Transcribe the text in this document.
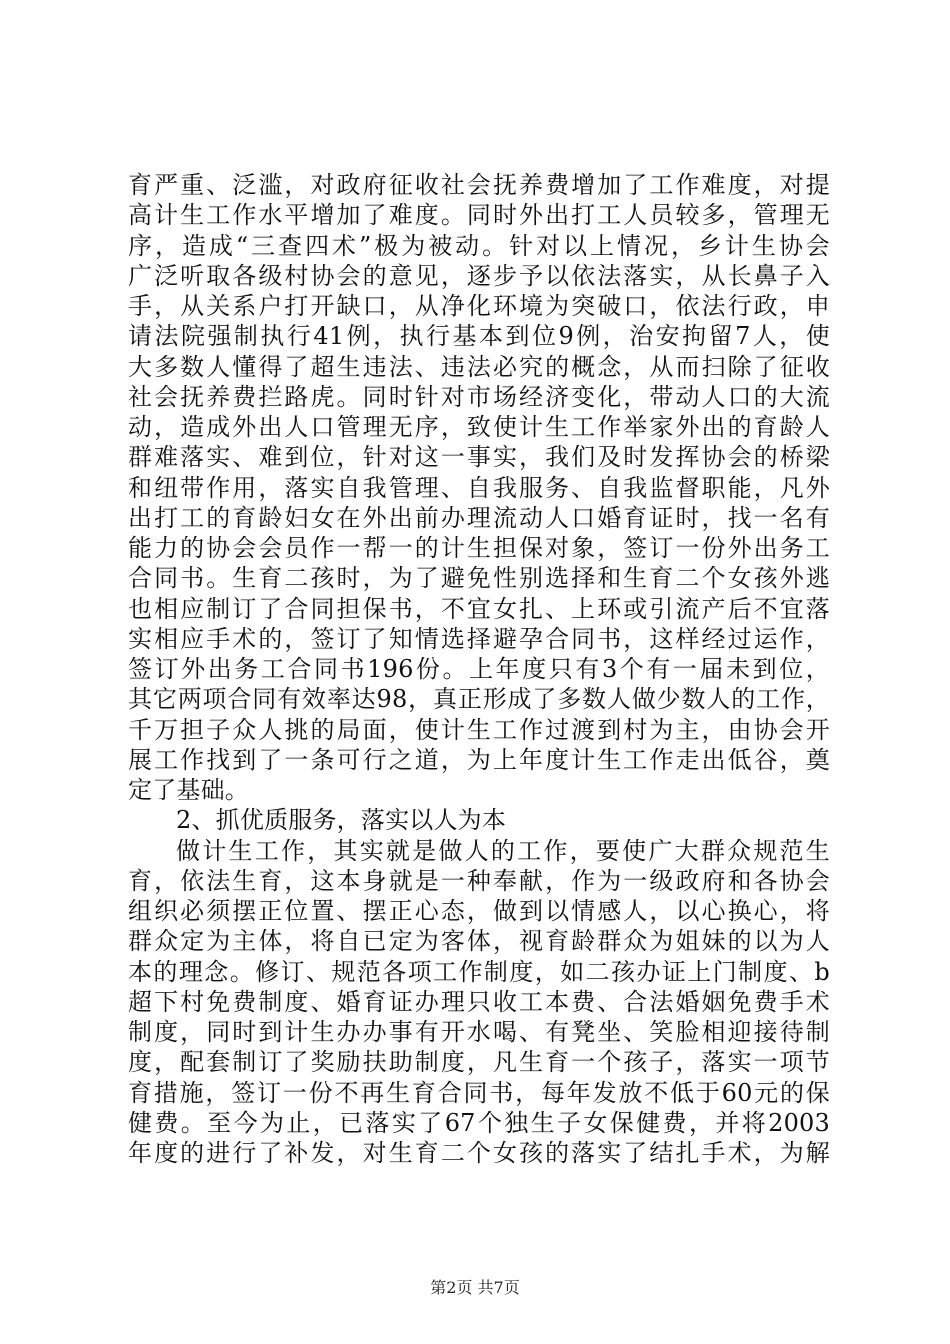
育严重、泛滥，对政府征收社会抚养费增加了工作难度，对提
高计生工作水平增加了难度。同时外出打工人员较多，管理无
序，造成“三查四术”极为被动。针对以上情况，乡计生协会
广泛听取各级村协会的意见，逐步予以依法落实，从长鼻子入
手，从关系户打开缺口，从净化环境为突破口，依法行政，申
请法院强制执行41例，执行基本到位9例，治安拘留7人，使
大多数人懂得了超生违法、违法必究的概念，从而扫除了征收
社会抚养费拦路虎。同时针对市场经济变化，带动人口的大流
动，造成外出人口管理无序，致使计生工作举家外出的育龄人
群难落实、难到位，针对这一事实，我们及时发挥协会的桥梁
和纽带作用，落实自我管理、自我服务、自我监督职能，凡外
出打工的育龄妇女在外出前办理流动人口婚育证时，找一名有
能力的协会会员作一帮一的计生担保对象，签订一份外出务工
合同书。生育二孩时，为了避免性别选择和生育二个女孩外逃
也相应制订了合同担保书，不宜女扎、上环或引流产后不宜落
实相应手术的，签订了知情选择避孕合同书，这样经过运作，
签订外出务工合同书196份。上年度只有3个有一届未到位，
其它两项合同有效率达98，真正形成了多数人做少数人的工作，
千万担子众人挑的局面，使计生工作过渡到村为主，由协会开
展工作找到了一条可行之道，为上年度计生工作走出低谷，奠
定了基础。
2、抓优质服务，落实以人为本
做计生工作，其实就是做人的工作，要使广大群众规范生
育，依法生育，这本身就是一种奉献，作为一级政府和各协会
组织必须摆正位置、摆正心态，做到以情感人，以心换心，将
群众定为主体，将自已定为客体，视育龄群众为姐妹的以为人
本的理念。修订、规范各项工作制度，如二孩办证上门制度、b
超下村免费制度、婚育证办理只收工本费、合法婚姻免费手术
制度，同时到计生办办事有开水喝、有凳坐、笑脸相迎接待制
度，配套制订了奖励扶助制度，凡生育一个孩子，落实一项节
育措施，签订一份不再生育合同书，每年发放不低于60元的保
健费。至今为止，已落实了67个独生子女保健费，并将2003
年度的进行了补发，对生育二个女孩的落实了结扎手术，为解
第2页 共7页
